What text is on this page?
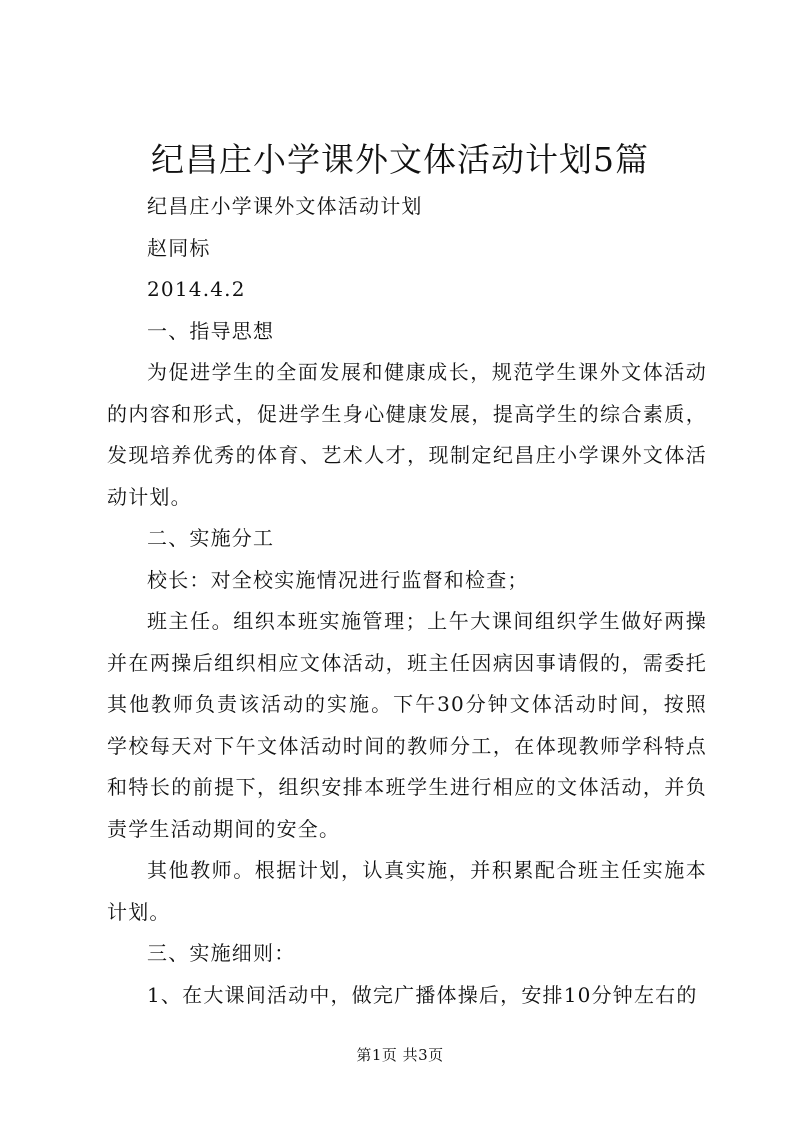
纪昌庄小学课外文体活动计划5篇

纪昌庄小学课外文体活动计划

赵同标

2014.4.2

一、指导思想

为促进学生的全面发展和健康成长，规范学生课外文体活动的内容和形式，促进学生身心健康发展，提高学生的综合素质，发现培养优秀的体育、艺术人才，现制定纪昌庄小学课外文体活动计划。

二、实施分工

校长：对全校实施情况进行监督和检查；

班主任。组织本班实施管理；上午大课间组织学生做好两操并在两操后组织相应文体活动，班主任因病因事请假的，需委托其他教师负责该活动的实施。下午30分钟文体活动时间，按照学校每天对下午文体活动时间的教师分工，在体现教师学科特点和特长的前提下，组织安排本班学生进行相应的文体活动，并负责学生活动期间的安全。

其他教师。根据计划，认真实施，并积累配合班主任实施本计划。

三、实施细则：

1、在大课间活动中，做完广播体操后，安排10分钟左右的

第1页 共3页
